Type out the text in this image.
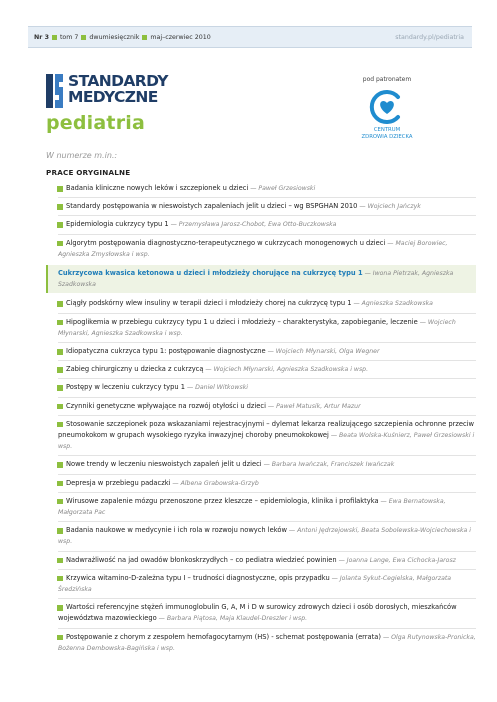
Nr 3 tom 7 dwumiesięcznik maj–czerwiec 2010	standardy.pl/pediatria
STANDARDY
MEDYCZNE
pediatria
pod patronatem
CENTRUM
ZDROWIA DZIECKA
W numerze m.in.:
PRACE ORYGINALNE
Badania kliniczne nowych leków i szczepionek u dzieci — Paweł Grzesiowski
Standardy postępowania w nieswoistych zapaleniach jelit u dzieci – wg BSPGHAN 2010 — Wojciech Jańczyk
Epidemiologia cukrzycy typu 1 — Przemysława Jarosz-Chobot, Ewa Otto-Buczkowska
Algorytm postępowania diagnostyczno-terapeutycznego w cukrzycach monogenowych u dzieci — Maciej Borowiec, Agnieszka Zmysłowska i wsp.
Cukrzycowa kwasica ketonowa u dzieci i młodzieży chorujące na cukrzycę typu 1 — Iwona Pietrzak, Agnieszka Szadkowska
Ciągły podskórny wlew insuliny w terapii dzieci i młodzieży chorej na cukrzycę typu 1 — Agnieszka Szadkowska
Hipoglikemia w przebiegu cukrzycy typu 1 u dzieci i młodzieży – charakterystyka, zapobieganie, leczenie — Wojciech Młynarski, Agnieszka Szadkowska i wsp.
Idiopatyczna cukrzyca typu 1: postępowanie diagnostyczne — Wojciech Młynarski, Olga Wegner
Zabieg chirurgiczny u dziecka z cukrzycą — Wojciech Młynarski, Agnieszka Szadkowska i wsp.
Postępy w leczeniu cukrzycy typu 1 — Daniel Witkowski
Czynniki genetyczne wpływające na rozwój otyłości u dzieci — Paweł Matusik, Artur Mazur
Stosowanie szczepionek poza wskazaniami rejestracyjnymi – dylemat lekarza realizującego szczepienia ochronne przeciw pneumokokom w grupach wysokiego ryzyka inwazyjnej choroby pneumokokowej — Beata Wolska-Kuśnierz, Paweł Grzesiowski i wsp.
Nowe trendy w leczeniu nieswoistych zapaleń jelit u dzieci — Barbara Iwańczak, Franciszek Iwańczak
Depresja w przebiegu padaczki — Albena Grabowska-Grzyb
Wirusowe zapalenie mózgu przenoszone przez kleszcze – epidemiologia, klinika i profilaktyka — Ewa Bernatowska, Małgorzata Pac
Badania naukowe w medycynie i ich rola w rozwoju nowych leków — Antoni Jędrzejowski, Beata Sobolewska-Wojciechowska i wsp.
Nadwrażliwość na jad owadów błonkoskrzydłych – co pediatra wiedzieć powinien — Joanna Lange, Ewa Cichocka-Jarosz
Krzywica witamino-D-zależna typu I – trudności diagnostyczne, opis przypadku — Jolanta Sykut-Cegielska, Małgorzata Średzińska
Wartości referencyjne stężeń immunoglobulin G, A, M i D w surowicy zdrowych dzieci i osób dorosłych, mieszkańców województwa mazowieckiego — Barbara Piątosa, Maja Klaudel-Dreszler i wsp.
Postępowanie z chorym z zespołem hemofagocytarnym (HS) - schemat postępowania (errata) — Olga Rutynowska-Pronicka, Bożenna Dembowska-Bagińska i wsp.
